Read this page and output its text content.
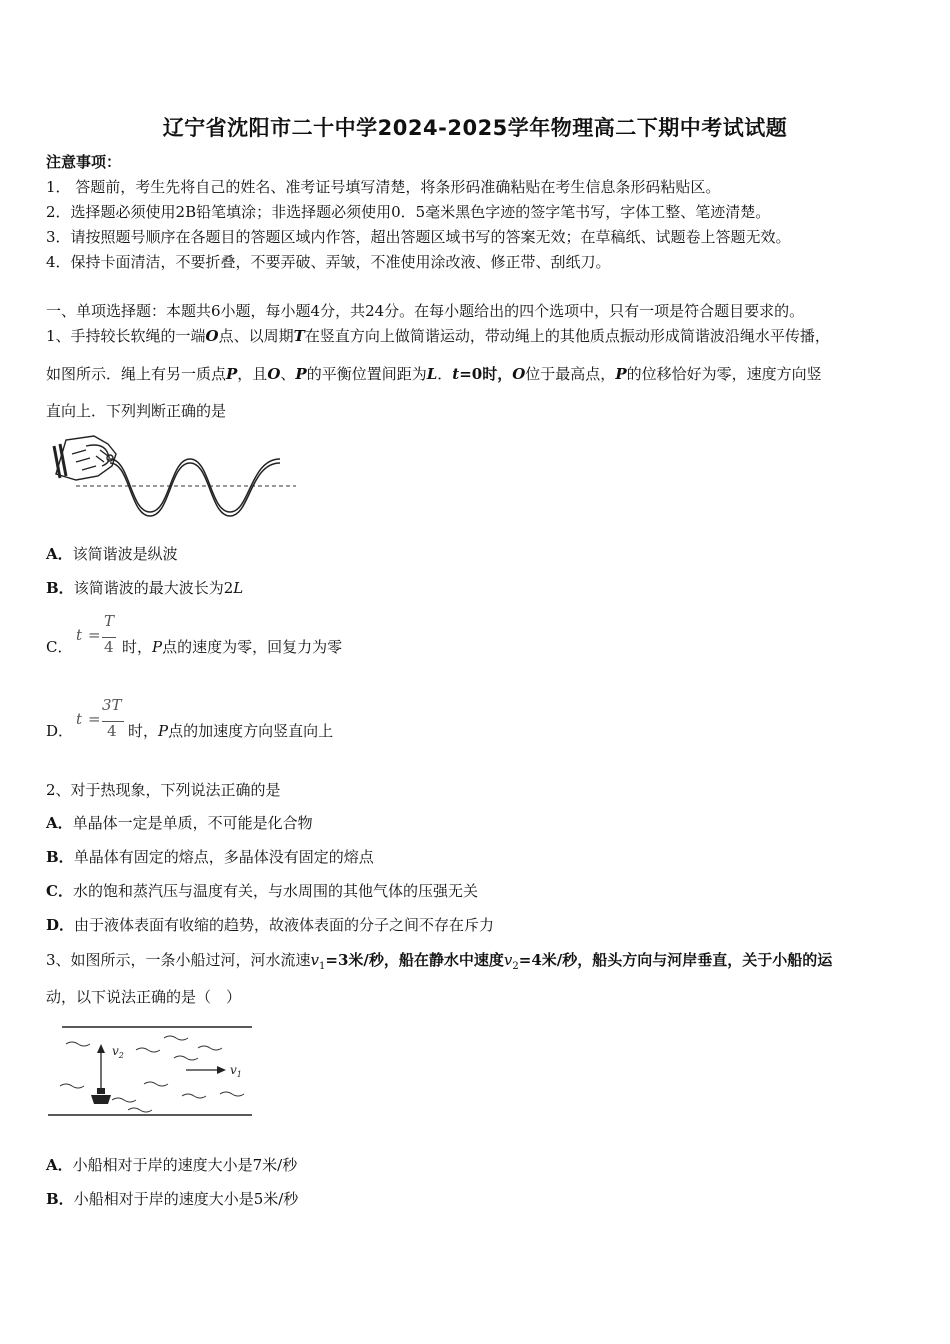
辽宁省沈阳市二十中学2024-2025学年物理高二下期中考试试题
注意事项：
1． 答题前，考生先将自己的姓名、准考证号填写清楚，将条形码准确粘贴在考生信息条形码粘贴区。
2．选择题必须使用2B铅笔填涂；非选择题必须使用0．5毫米黑色字迹的签字笔书写，字体工整、笔迹清楚。
3．请按照题号顺序在各题目的答题区域内作答，超出答题区域书写的答案无效；在草稿纸、试题卷上答题无效。
4．保持卡面清洁，不要折叠，不要弄破、弄皱，不准使用涂改液、修正带、刮纸刀。
一、单项选择题：本题共6小题，每小题4分，共24分。在每小题给出的四个选项中，只有一项是符合题目要求的。
1、手持较长软绳的一端O点、以周期T在竖直方向上做简谐运动，带动绳上的其他质点振动形成简谐波沿绳水平传播，
如图所示．绳上有另一质点P，且O、P的平衡位置间距为L．t=0时，O位于最高点，P的位移恰好为零，速度方向竖
直向上．下列判断正确的是
A．该简谐波是纵波
B．该简谐波的最大波长为2L
C．
t =
T
4 时，P点的速度为零，回复力为零
D．
t =
3T
4 时，P点的加速度方向竖直向上
2、对于热现象，下列说法正确的是
A．单晶体一定是单质，不可能是化合物
B．单晶体有固定的熔点，多晶体没有固定的熔点
C．水的饱和蒸汽压与温度有关，与水周围的其他气体的压强无关
D．由于液体表面有收缩的趋势，故液体表面的分子之间不存在斥力
3、如图所示，一条小船过河，河水流速$v_1=3$米/秒，船在静水中速度$v_2=4$米/秒，船头方向与河岸垂直，关于小船的运
动，以下说法正确的是（　）
$v_2$
$v_1$
A．小船相对于岸的速度大小是7米/秒
B．小船相对于岸的速度大小是5米/秒
